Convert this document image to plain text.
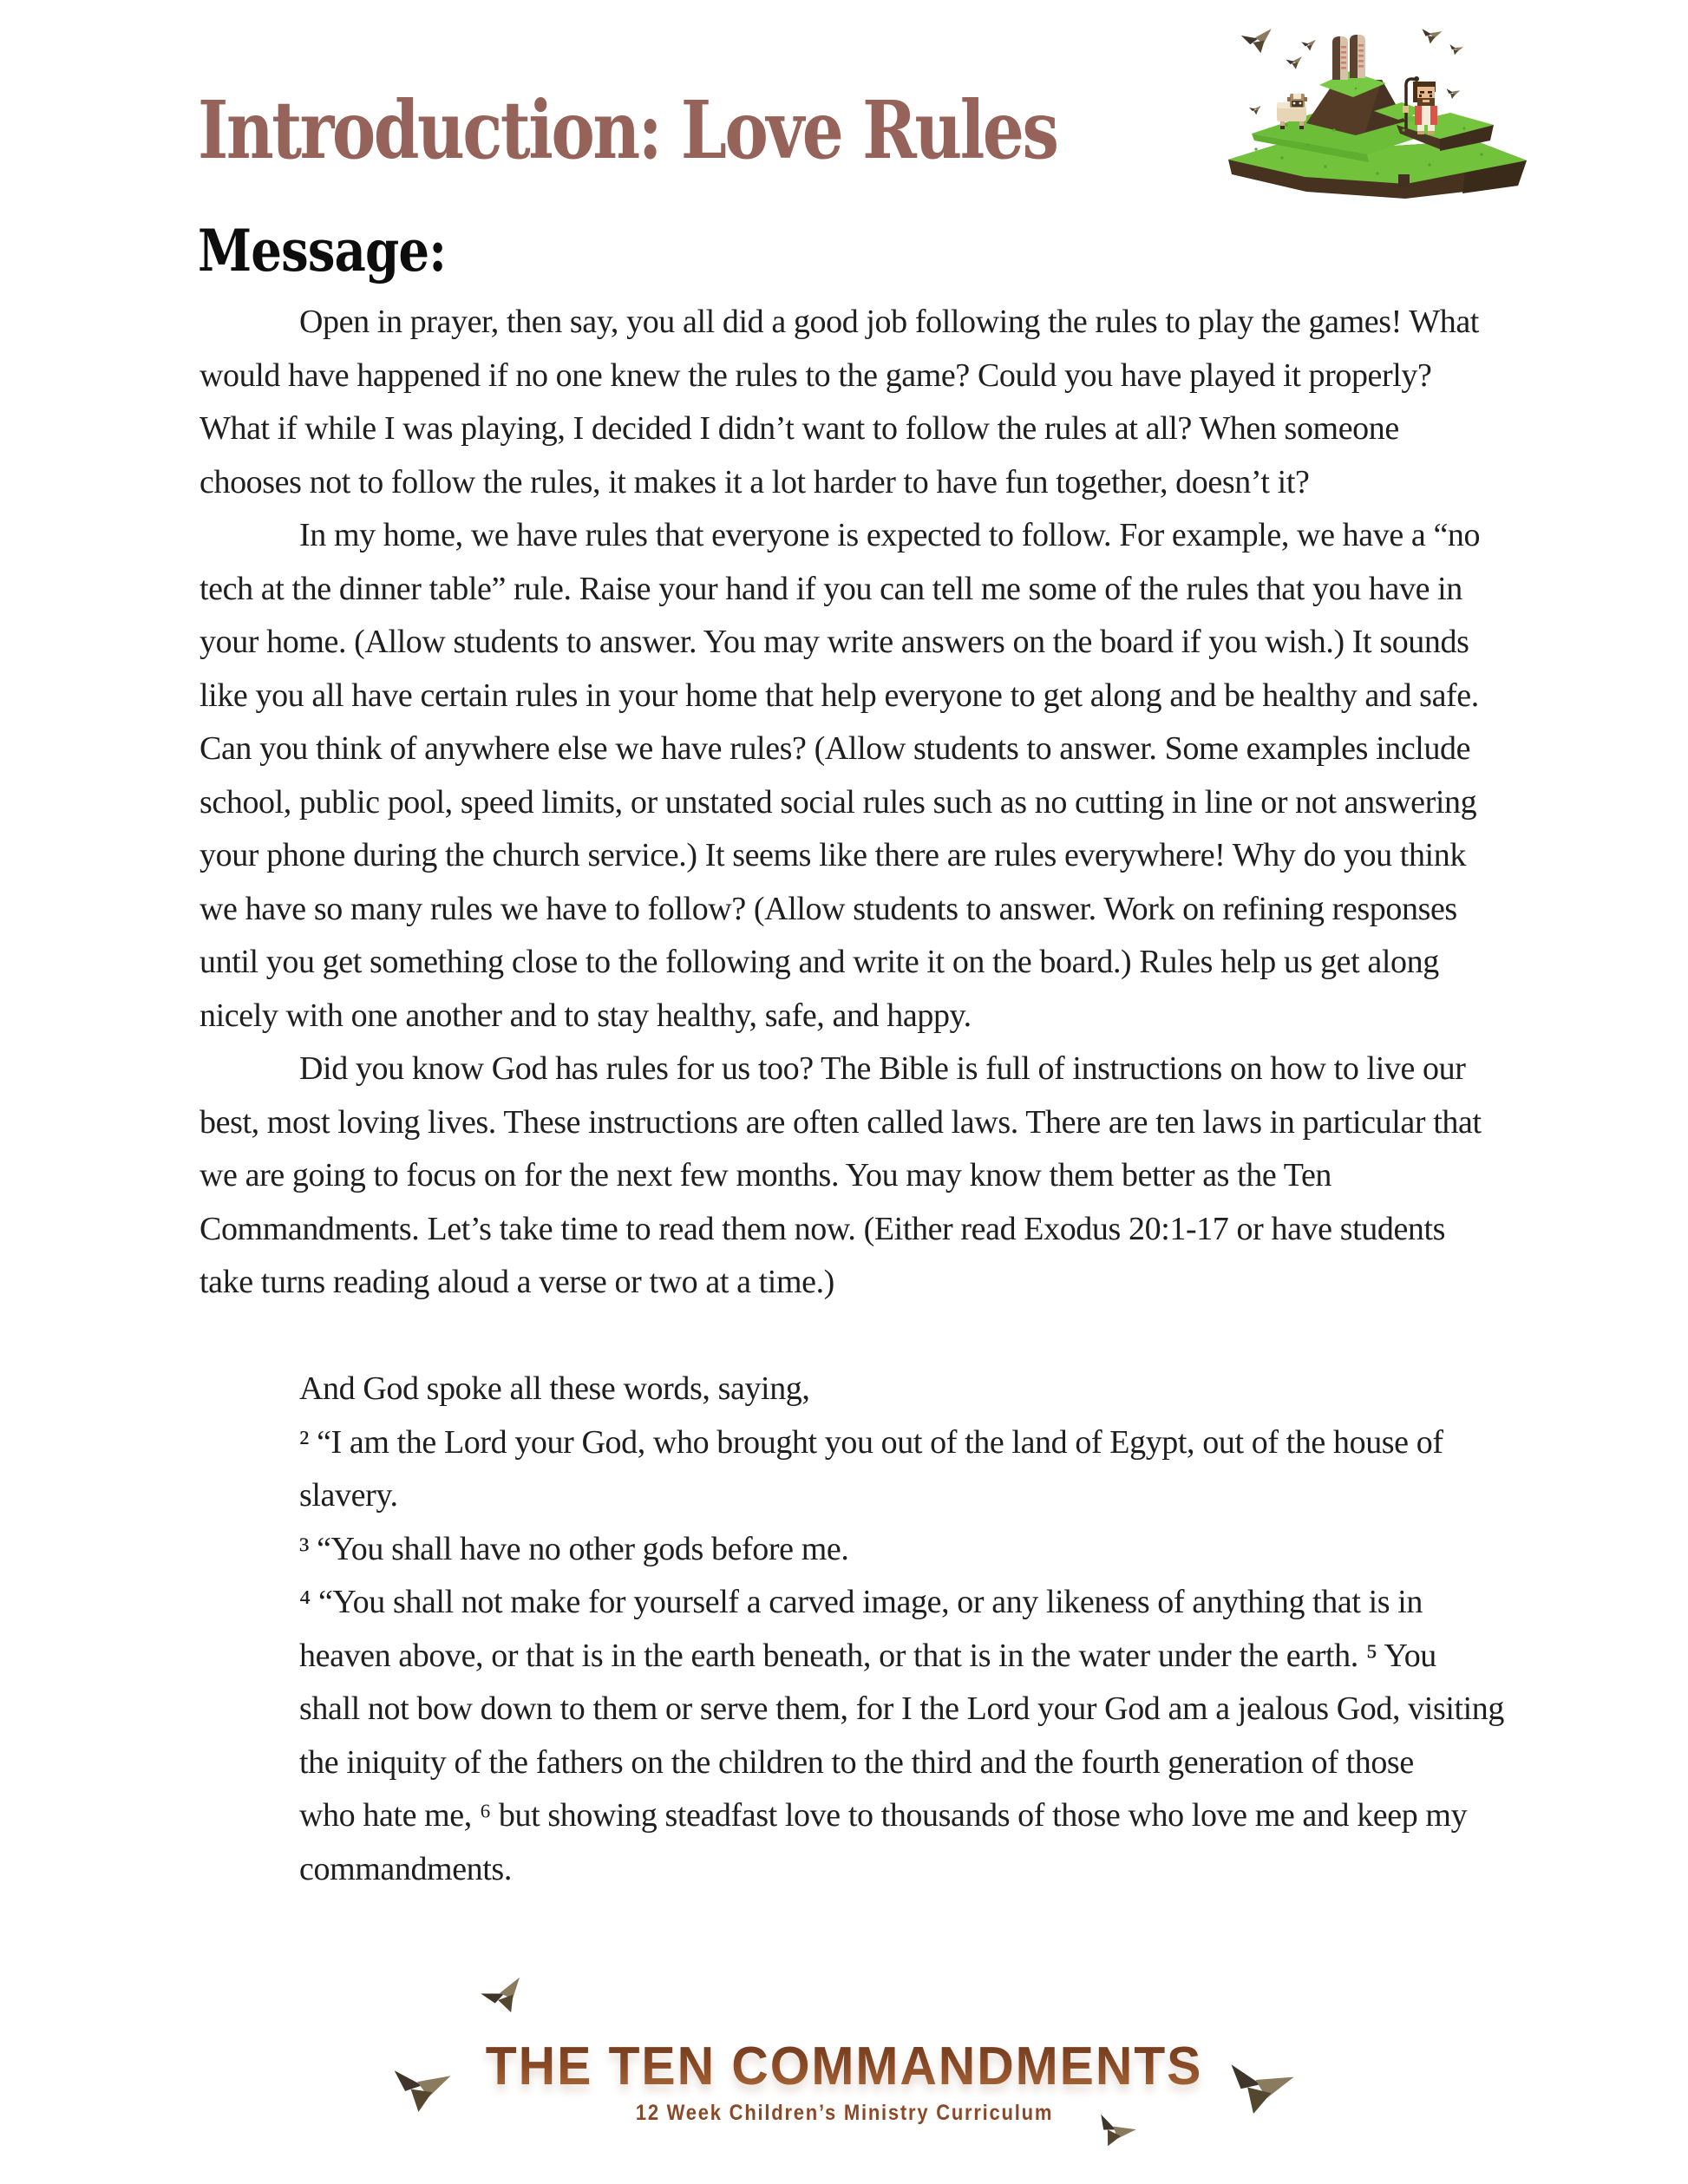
Introduction: Love Rules
Message:
Open in prayer, then say, you all did a good job following the rules to play the games! What
would have happened if no one knew the rules to the game? Could you have played it properly?
What if while I was playing, I decided I didn’t want to follow the rules at all? When someone
chooses not to follow the rules, it makes it a lot harder to have fun together, doesn’t it?
In my home, we have rules that everyone is expected to follow. For example, we have a “no
tech at the dinner table” rule. Raise your hand if you can tell me some of the rules that you have in
your home. (Allow students to answer. You may write answers on the board if you wish.) It sounds
like you all have certain rules in your home that help everyone to get along and be healthy and safe.
Can you think of anywhere else we have rules? (Allow students to answer. Some examples include
school, public pool, speed limits, or unstated social rules such as no cutting in line or not answering
your phone during the church service.) It seems like there are rules everywhere! Why do you think
we have so many rules we have to follow? (Allow students to answer. Work on refining responses
until you get something close to the following and write it on the board.) Rules help us get along
nicely with one another and to stay healthy, safe, and happy.
Did you know God has rules for us too? The Bible is full of instructions on how to live our
best, most loving lives. These instructions are often called laws. There are ten laws in particular that
we are going to focus on for the next few months. You may know them better as the Ten
Commandments. Let’s take time to read them now. (Either read Exodus 20:1-17 or have students
take turns reading aloud a verse or two at a time.)
And God spoke all these words, saying,
² “I am the Lord your God, who brought you out of the land of Egypt, out of the house of
slavery.
³ “You shall have no other gods before me.
⁴ “You shall not make for yourself a carved image, or any likeness of anything that is in
heaven above, or that is in the earth beneath, or that is in the water under the earth. ⁵ You
shall not bow down to them or serve them, for I the Lord your God am a jealous God, visiting
the iniquity of the fathers on the children to the third and the fourth generation of those
who hate me, ⁶ but showing steadfast love to thousands of those who love me and keep my
commandments.
THE TEN COMMANDMENTS
12 Week Children’s Ministry Curriculum
